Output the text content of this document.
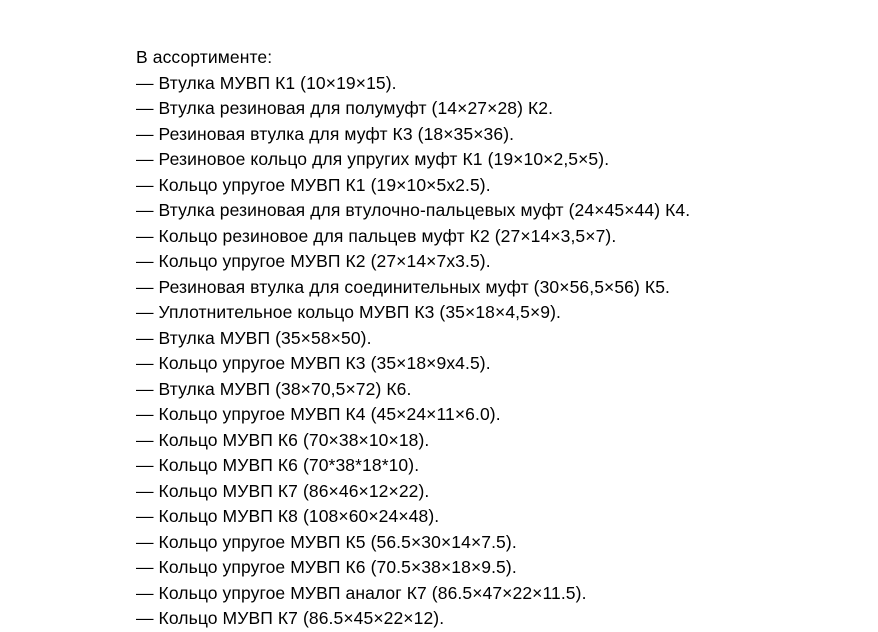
В ассортименте:

— Втулка МУВП К1 (10×19×15).
— Втулка резиновая для полумуфт (14×27×28) К2.
— Резиновая втулка для муфт К3 (18×35×36).
— Резиновое кольцо для упругих муфт К1 (19×10×2,5×5).
— Кольцо упругое МУВП К1 (19×10×5х2.5).
— Втулка резиновая для втулочно-пальцевых муфт (24×45×44) К4.
— Кольцо резиновое для пальцев муфт К2 (27×14×3,5×7).
— Кольцо упругое МУВП К2 (27×14×7х3.5).
— Резиновая втулка для соединительных муфт (30×56,5×56) К5.
— Уплотнительное кольцо МУВП К3 (35×18×4,5×9).
— Втулка МУВП (35×58×50).
— Кольцо упругое МУВП К3 (35×18×9х4.5).
— Втулка МУВП (38×70,5×72) К6.
— Кольцо упругое МУВП К4 (45×24×11×6.0).
— Кольцо МУВП К6 (70×38×10×18).
— Кольцо МУВП К6 (70*38*18*10).
— Кольцо МУВП К7 (86×46×12×22).
— Кольцо МУВП К8 (108×60×24×48).
— Кольцо упругое МУВП К5 (56.5×30×14×7.5).
— Кольцо упругое МУВП К6 (70.5×38×18×9.5).
— Кольцо упругое МУВП аналог К7 (86.5×47×22×11.5).
— Кольцо МУВП К7 (86.5×45×22×12).
